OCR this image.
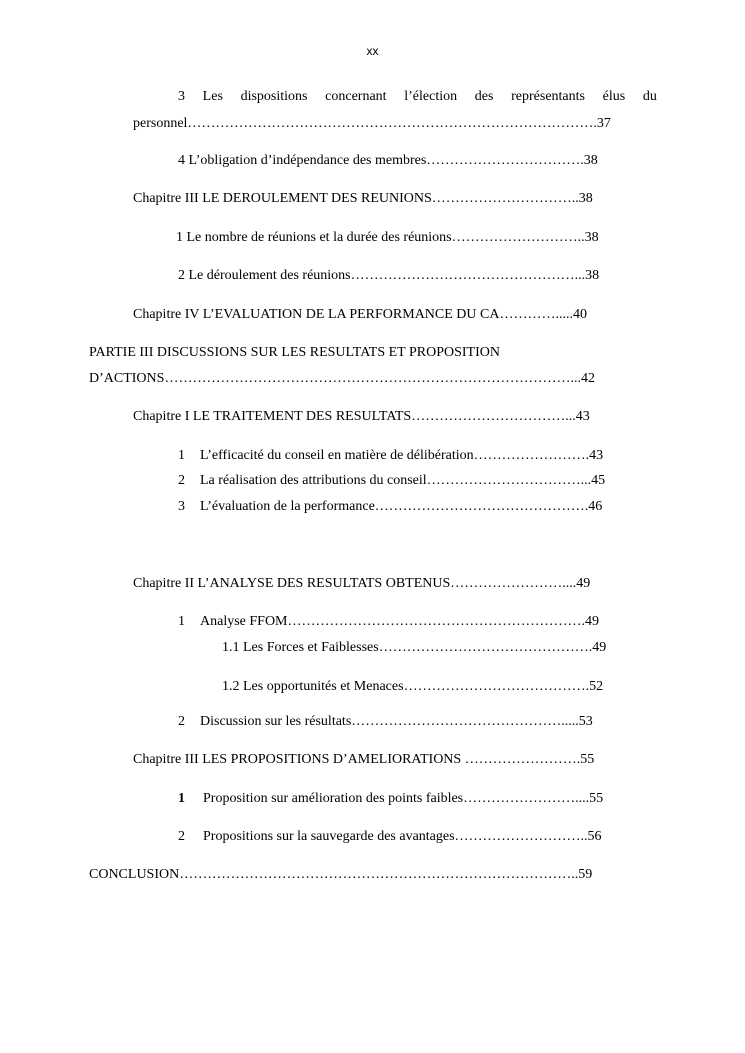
xx
3 Les dispositions concernant l’élection des représentants élus du
personnel…………………………………………………………………………….37
4 L’obligation d’indépendance des membres…………………………….38
Chapitre III LE DEROULEMENT DES REUNIONS…………………………..38
1 Le nombre de réunions et la durée des réunions………………………..38
2 Le déroulement des réunions…………………………………………...38
Chapitre IV L’EVALUATION DE LA PERFORMANCE DU CA………….....40
PARTIE III DISCUSSIONS SUR LES RESULTATS ET PROPOSITION
D’ACTIONS……………………………………………………………………………...42
Chapitre I LE TRAITEMENT DES RESULTATS……………………………...43
1 L’efficacité du conseil en matière de délibération…………………….43
2 La réalisation des attributions du conseil……………………………...45
3 L’évaluation de la performance……………………………………….46
Chapitre II L’ANALYSE DES RESULTATS OBTENUS……………………....49
1 Analyse FFOM……………………………………………………….49
1.1 Les Forces et Faiblesses……………………………………….49
1.2 Les opportunités et Menaces………………………………….52
2 Discussion sur les résultats……………………………………….....53
Chapitre III LES PROPOSITIONS D’AMELIORATIONS …………………….55
1 Proposition sur amélioration des points faibles……………………....55
2 Propositions sur la sauvegarde des avantages………………………..56
CONCLUSION…………………………………………………………………………..59
